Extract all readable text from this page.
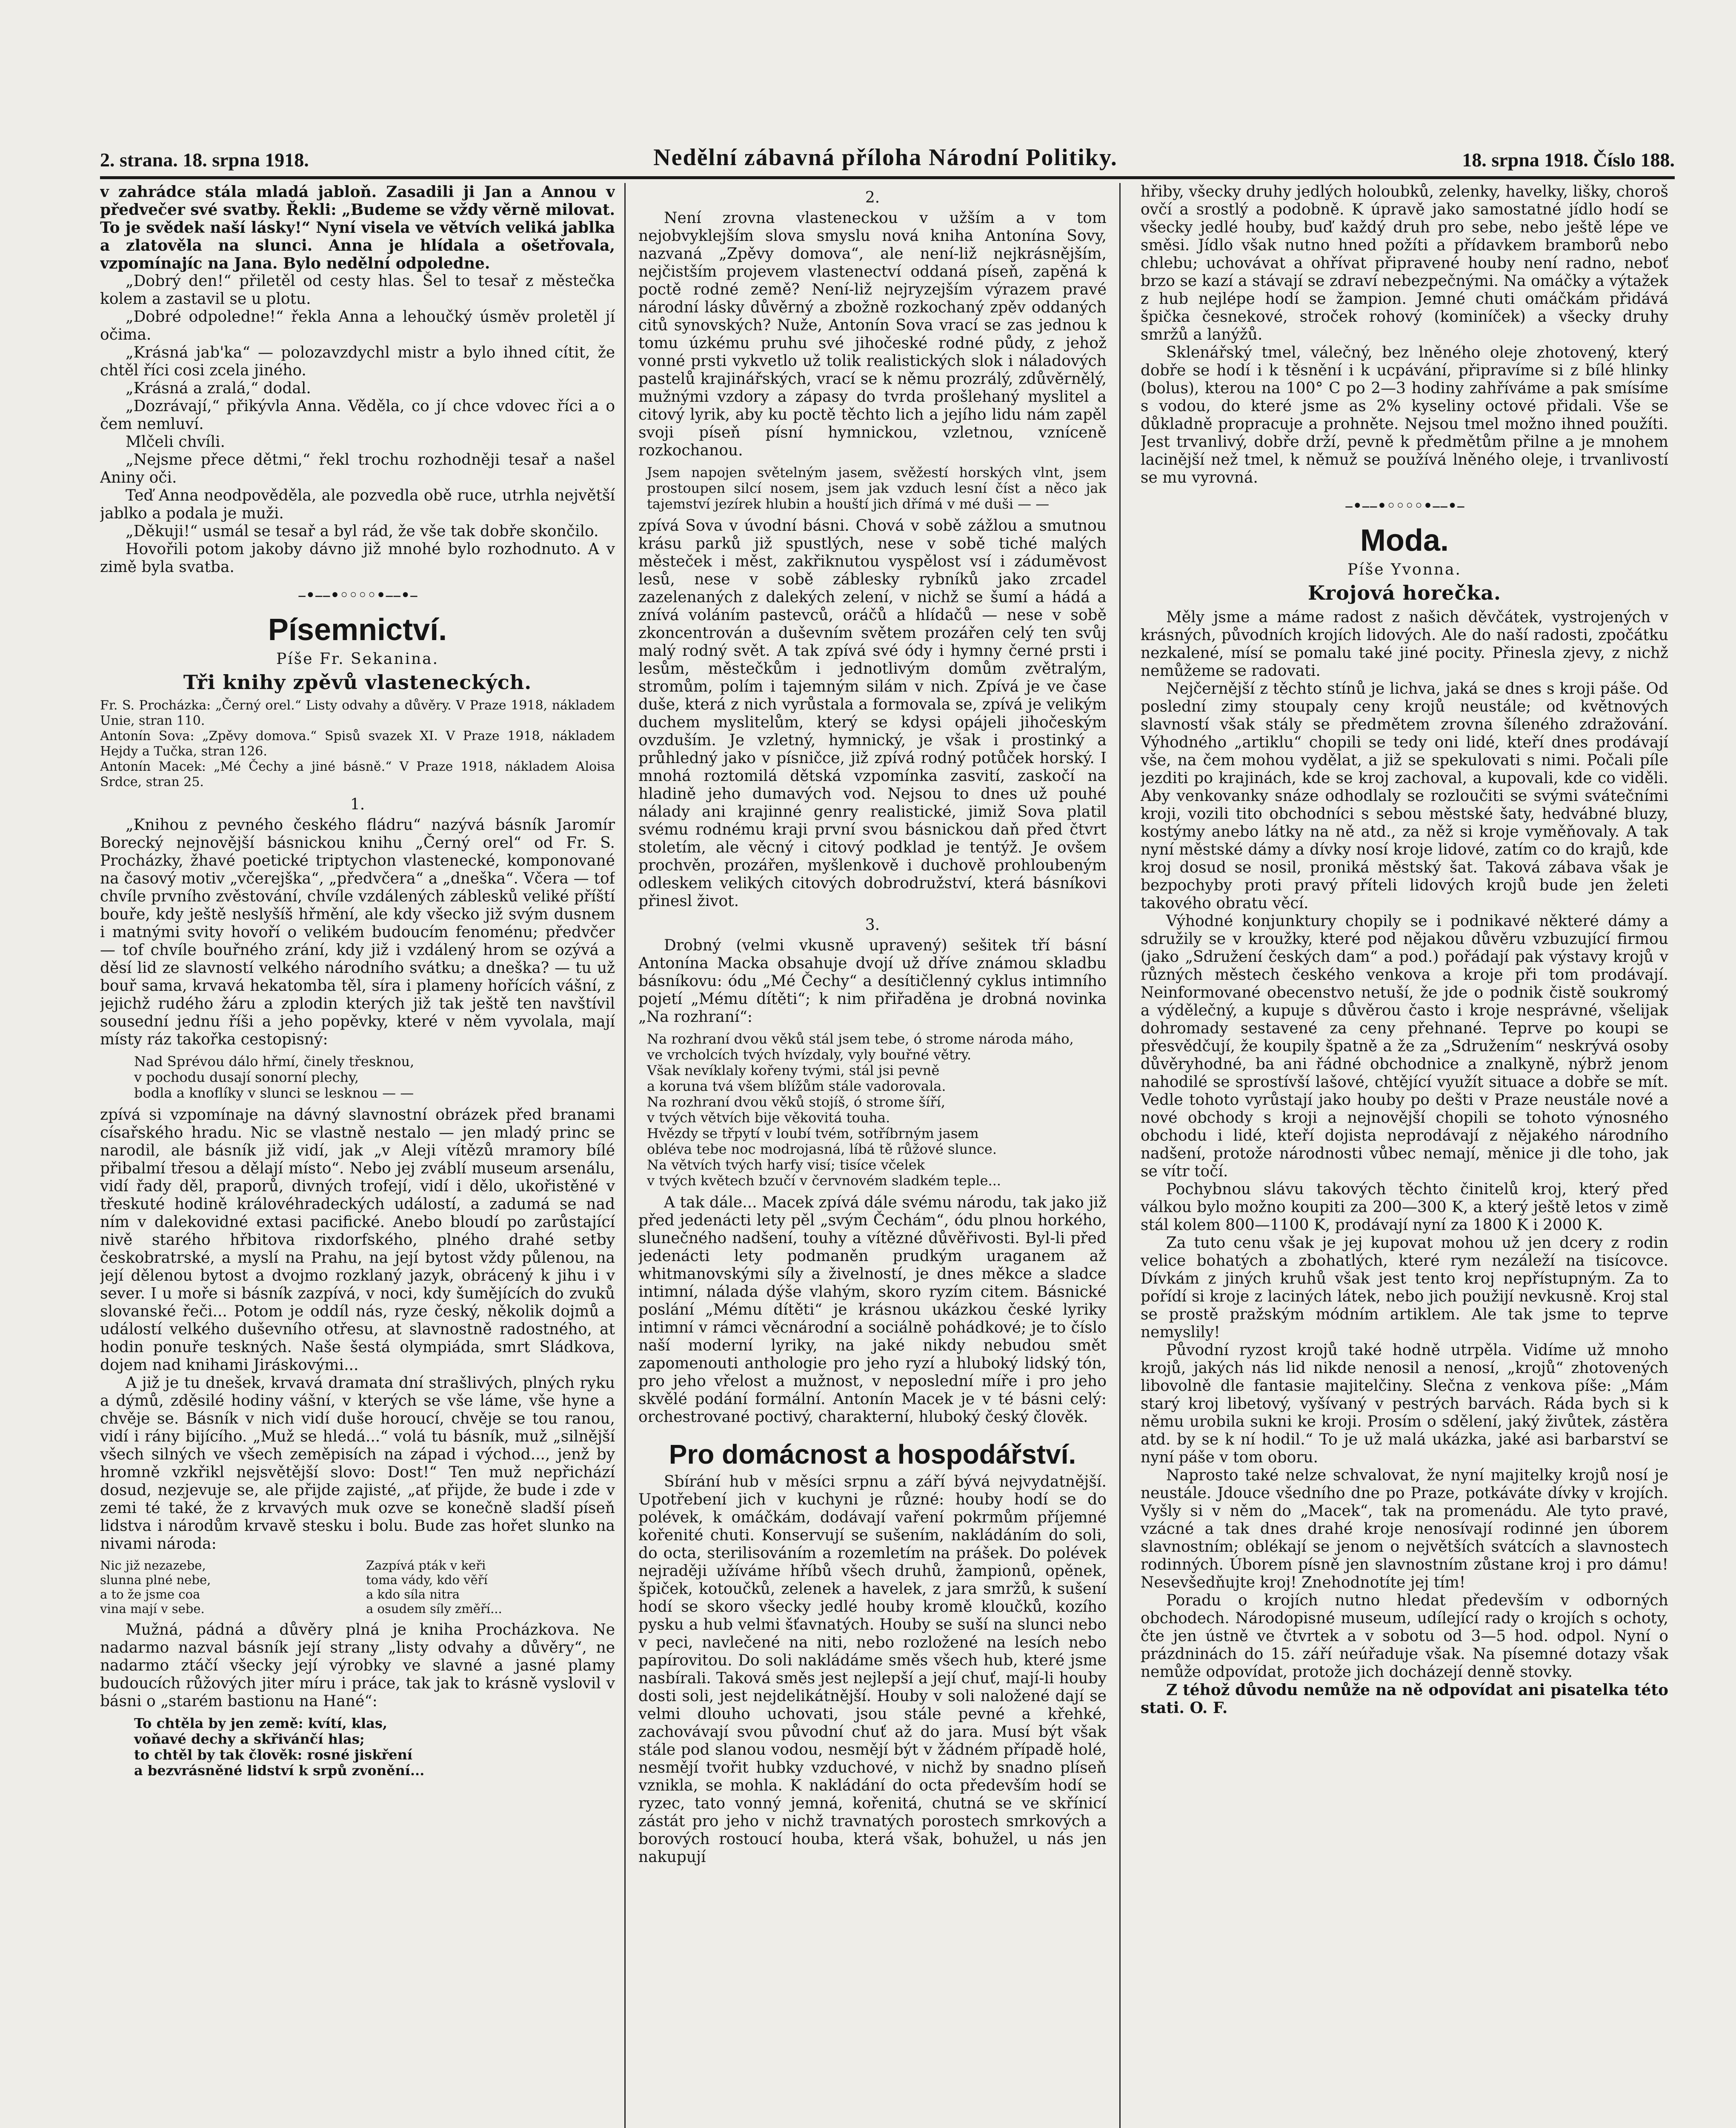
2. strana. 18. srpna 1918.	Nedělní zábavná příloha Národní Politiky.	18. srpna 1918. Číslo 188.

v zahrádce stála mladá jabloň. Zasadili ji Jan a Annou v předvečer své svatby. Řekli: „Budeme se vždy věrně milovat. To je svědek naší lásky!“ Nyní visela ve větvích veliká jablka a zlatověla na slunci. Anna je hlídala a ošetřovala, vzpomínajíc na Jana. Bylo nedělní odpoledne.

„Dobrý den!“ přiletěl od cesty hlas. Šel to tesař z městečka kolem a zastavil se u plotu.

„Dobré odpoledne!“ řekla Anna a lehoučký úsměv proletěl jí očima.

„Krásná jab'ka“ — polozavzdychl mistr a bylo ihned cítit, že chtěl říci cosi zcela jiného.

„Krásná a zralá,“ dodal.

„Dozrávají,“ přikývla Anna. Věděla, co jí chce vdovec říci a o čem nemluví.

Mlčeli chvíli.

„Nejsme přece dětmi,“ řekl trochu rozhodněji tesař a našel Aniny oči.

Teď Anna neodpověděla, ale pozvedla obě ruce, utrhla největší jablko a podala je muži.

„Děkuji!“ usmál se tesař a byl rád, že vše tak dobře skončilo.

Hovořili potom jakoby dávno již mnohé bylo rozhodnuto. A v zimě byla svatba.

–•––•◦◦◦◦•––•–
Písemnictví.
Píše Fr. Sekanina.
Tři knihy zpěvů vlasteneckých.

Fr. S. Procházka: „Černý orel.“ Listy odvahy a důvěry. V Praze 1918, nákladem Unie, stran 110.

Antonín Sova: „Zpěvy domova.“ Spisů svazek XI. V Praze 1918, nákladem Hejdy a Tučka, stran 126.

Antonín Macek: „Mé Čechy a jiné básně.“ V Praze 1918, nákladem Aloisa Srdce, stran 25.

1.

„Knihou z pevného českého fládru“ nazývá básník Jaromír Borecký nejnovější básnickou knihu „Černý orel“ od Fr. S. Procházky, žhavé poetické triptychon vlastenecké, komponované na časový motiv „včerejška“, „předvčera“ a „dneška“. Včera — tof chvíle prvního zvěstování, chvíle vzdálených záblesků veliké příští bouře, kdy ještě neslyšíš hřmění, ale kdy všecko již svým dusnem i matnými svity hovoří o velikém budoucím fenoménu; předvčer — tof chvíle bouřného zrání, kdy již i vzdálený hrom se ozývá a děsí lid ze slavností velkého národního svátku; a dneška? — tu už bouř sama, krvavá hekatomba těl, síra i plameny hořících vášní, z jejichž rudého žáru a zplodin kterých již tak ještě ten navštívil sousední jednu říši a jeho popěvky, které v něm vyvolala, mají místy ráz takořka cestopisný:

Nad Sprévou dálo hřmí, činely třesknou,
v pochodu dusají sonorní plechy,
bodla a knoflíky v slunci se lesknou — —

zpívá si vzpomínaje na dávný slavnostní obrázek před branami císařského hradu. Nic se vlastně nestalo — jen mladý princ se narodil, ale básník již vidí, jak „v Aleji vítězů mramory bílé přibalmí třesou a dělají místo“. Nebo jej zváblí museum arsenálu, vidí řady děl, praporů, divných trofejí, vidí i dělo, ukořistěné v třeskuté hodině královéhradeckých událostí, a zadumá se nad ním v dalekovidné extasi pacifické. Anebo bloudí po zarůstající nivě starého hřbitova rixdorfského, plného drahé setby českobratrské, a myslí na Prahu, na její bytost vždy půlenou, na její dělenou bytost a dvojmo rozklaný jazyk, obrácený k jihu i v sever. I u moře si básník zazpívá, v noci, kdy šumějících do zvuků slovanské řeči... Potom je oddíl nás, ryze český, několik dojmů a událostí velkého duševního otřesu, at slavnostně radostného, at hodin ponuře teskných. Naše šestá olympiáda, smrt Sládkova, dojem nad knihami Jiráskovými...

A již je tu dnešek, krvavá dramata dní strašlivých, plných ryku a dýmů, zděsilé hodiny vášní, v kterých se vše láme, vše hyne a chvěje se. Básník v nich vidí duše horoucí, chvěje se tou ranou, vidí i rány bijícího. „Muž se hledá...“ volá tu básník, muž „silnější všech silných ve všech zeměpisích na západ i východ..., jenž by hromně vzkřikl nejsvětější slovo: Dost!“ Ten muž nepřichází dosud, nezjevuje se, ale přijde zajisté, „ať přijde, že bude i zde v zemi té také, že z krvavých muk ozve se konečně sladší píseň lidstva i národům krvavě stesku i bolu. Bude zas hořet slunko na nivami národa:

Nic již nezazebe,
slunna plné nebe,
a to že jsme coa
vina mají v sebe.
Zazpívá pták v keři
toma vády, kdo věří
a kdo síla nitra
a osudem síly změří...

Mužná, pádná a důvěry plná je kniha Procházkova. Ne nadarmo nazval básník její strany „listy odvahy a důvěry“, ne nadarmo ztáčí všecky její výrobky ve slavné a jasné plamy budoucích růžových jiter míru i práce, tak jak to krásně vyslovil v básni o „starém bastionu na Hané“:

To chtěla by jen země: kvítí, klas,
voňavé dechy a skřivánčí hlas;
to chtěl by tak člověk: rosné jiskření
a bezvrásněné lidství k srpů zvonění...

2.

Není zrovna vlasteneckou v užším a v tom nejobvyklejším slova smyslu nová kniha Antonína Sovy, nazvaná „Zpěvy domova“, ale není-liž nejkrásnějším, nejčistším projevem vlastenectví oddaná píseň, zapěná k poctě rodné země? Není-liž nejryzejším výrazem pravé národní lásky důvěrný a zbožně rozkochaný zpěv oddaných citů synovských? Nuže, Antonín Sova vrací se zas jednou k tomu úzkému pruhu své jihočeské rodné půdy, z jehož vonné prsti vykvetlo už tolik realistických slok i náladových pastelů krajinářských, vrací se k němu prozrálý, zdůvěrnělý, mužnými vzdory a zápasy do tvrda prošlehaný myslitel a citový lyrik, aby ku poctě těchto lich a jejího lidu nám zapěl svoji píseň písní hymnickou, vzletnou, vzníceně rozkochanou.

Jsem napojen světelným jasem, svěžestí horských vlnt, jsem prostoupen silcí nosem, jsem jak vzduch lesní číst a něco jak tajemství jezírek hlubin a houští jich dřímá v mé duši — —

zpívá Sova v úvodní básni. Chová v sobě zážlou a smutnou krásu parků již spustlých, nese v sobě tiché malých městeček i měst, zakřiknutou vyspělost vsí i záduměvost lesů, nese v sobě záblesky rybníků jako zrcadel zazelenaných z dalekých zelení, v nichž se šumí a hádá a znívá voláním pastevců, oráčů a hlídačů — nese v sobě zkoncentrován a duševním světem prozářen celý ten svůj malý rodný svět. A tak zpívá své ódy i hymny černé prsti i lesům, městečkům i jednotlivým domům zvětralým, stromům, polím i tajemným silám v nich. Zpívá je ve čase duše, která z nich vyrůstala a formovala se, zpívá je velikým duchem myslitelům, který se kdysi opájeli jihočeským ovzduším. Je vzletný, hymnický, je však i prostinký a průhledný jako v písničce, již zpívá rodný potůček horský. I mnohá roztomilá dětská vzpomínka zasvití, zaskočí na hladině jeho dumavých vod. Nejsou to dnes už pouhé nálady ani krajinné genry realistické, jimiž Sova platil svému rodnému kraji první svou básnickou daň před čtvrt stoletím, ale věcný i citový podklad je tentýž. Je ovšem prochvěn, prozářen, myšlenkově i duchově prohloubeným odleskem velikých citových dobrodružství, která básníkovi přinesl život.

3.

Drobný (velmi vkusně upravený) sešitek tří básní Antonína Macka obsahuje dvojí už dříve známou skladbu básníkovu: ódu „Mé Čechy“ a desítičlenný cyklus intimního pojetí „Mému dítěti“; k nim přiřaděna je drobná novinka „Na rozhraní“:

Na rozhraní dvou věků stál jsem tebe, ó strome národa máho,
ve vrcholcích tvých hvízdaly, vyly bouřné větry.
Však nevíklaly kořeny tvými, stál jsi pevně
a koruna tvá všem blížům stále vadorovala.
Na rozhraní dvou věků stojíš, ó strome šíří,
v tvých větvích bije věkovitá touha.
Hvězdy se třpytí v loubí tvém, sotříbrným jasem
obléva tebe noc modrojasná, líbá tě růžové slunce.
Na větvích tvých harfy visí; tisíce včelek
v tvých květech bzučí v červnovém sladkém teple...

A tak dále... Macek zpívá dále svému národu, tak jako již před jedenácti lety pěl „svým Čechám“, ódu plnou horkého, slunečného nadšení, touhy a vítězné důvěřivosti. Byl-li před jedenácti lety podmaněn prudkým uraganem až whitmanovskými síly a živelností, je dnes měkce a sladce intimní, nálada dýše vlahým, skoro ryzím citem. Básnické poslání „Mému dítěti“ je krásnou ukázkou české lyriky intimní v rámci věcnárodní a sociálně pohádkové; je to číslo naší moderní lyriky, na jaké nikdy nebudou smět zapomenouti anthologie pro jeho ryzí a hluboký lidský tón, pro jeho vřelost a mužnost, v neposlední míře i pro jeho skvělé podání formální. Antonín Macek je v té básni celý: orchestrované poctivý, charakterní, hluboký český člověk.

Pro domácnost a hospodářství.

Sbírání hub v měsíci srpnu a září bývá nejvydatnější. Upotřebení jich v kuchyni je různé: houby hodí se do polévek, k omáčkám, dodávají vaření pokrmům příjemné kořenité chuti. Konservují se sušením, nakládáním do soli, do octa, sterilisováním a rozemletím na prášek. Do polévek nejraději užíváme hříbů všech druhů, žampionů, opěnek, špiček, kotoučků, zelenek a havelek, z jara smržů, k sušení hodí se skoro všecky jedlé houby kromě kloučků, kozího pysku a hub velmi šťavnatých. Houby se suší na slunci nebo v peci, navlečené na niti, nebo rozložené na lesích nebo papírovitou. Do soli nakládáme směs všech hub, které jsme nasbírali. Taková směs jest nejlepší a její chuť, mají-li houby dosti soli, jest nejdelikátnější. Houby v soli naložené dají se velmi dlouho uchovati, jsou stále pevné a křehké, zachovávají svou původní chuť až do jara. Musí být však stále pod slanou vodou, nesmějí být v žádném případě holé, nesmějí tvořit hubky vzduchové, v nichž by snadno plíseň vznikla, se mohla. K nakládání do octa především hodí se ryzec, tato vonný jemná, kořenitá, chutná se ve skřínicí zástát pro jeho v nichž travnatých porostech smrkových a borových rostoucí houba, která však, bohužel, u nás jen nakupují

hřiby, všecky druhy jedlých holoubků, zelenky, havelky, lišky, choroš ovčí a srostlý a podobně. K úpravě jako samostatné jídlo hodí se všecky jedlé houby, buď každý druh pro sebe, nebo ještě lépe ve směsi. Jídlo však nutno hned požíti a přídavkem bramborů nebo chlebu; uchovávat a ohřívat připravené houby není radno, neboť brzo se kazí a stávají se zdraví nebezpečnými. Na omáčky a výtažek z hub nejlépe hodí se žampion. Jemné chuti omáčkám přidává špička česnekové, stroček rohový (kominíček) a všecky druhy smržů a lanýžů.

Sklenářský tmel, válečný, bez lněného oleje zhotovený, který dobře se hodí i k těsnění i k ucpávání, připravíme si z bílé hlinky (bolus), kterou na 100° C po 2—3 hodiny zahříváme a pak smísíme s vodou, do které jsme as 2% kyseliny octové přidali. Vše se důkladně propracuje a prohněte. Nejsou tmel možno ihned použíti. Jest trvanlivý, dobře drží, pevně k předmětům přilne a je mnohem lacinější než tmel, k němuž se používá lněného oleje, i trvanlivostí se mu vyrovná.

–•––•◦◦◦◦•––•–
Moda.
Píše Yvonna.
Krojová horečka.

Měly jsme a máme radost z našich děvčátek, vystrojených v krásných, původních krojích lidových. Ale do naší radosti, zpočátku nezkalené, mísí se pomalu také jiné pocity. Přinesla zjevy, z nichž nemůžeme se radovati.

Nejčernější z těchto stínů je lichva, jaká se dnes s kroji páše. Od poslední zimy stoupaly ceny krojů neustále; od květnových slavností však stály se předmětem zrovna šíleného zdražování. Výhodného „artiklu“ chopili se tedy oni lidé, kteří dnes prodávají vše, na čem mohou vydělat, a již se spekulovati s nimi. Počali píle jezditi po krajinách, kde se kroj zachoval, a kupovali, kde co viděli. Aby venkovanky snáze odhodlaly se rozloučiti se svými svátečními kroji, vozili tito obchodníci s sebou městské šaty, hedvábné bluzy, kostýmy anebo látky na ně atd., za něž si kroje vyměňovaly. A tak nyní městské dámy a dívky nosí kroje lidové, zatím co do krajů, kde kroj dosud se nosil, proniká městský šat. Taková zábava však je bezpochyby proti pravý příteli lidových krojů bude jen želeti takového obratu věcí.

Výhodné konjunktury chopily se i podnikavé některé dámy a sdružily se v kroužky, které pod nějakou důvěru vzbuzující firmou (jako „Sdružení českých dam“ a pod.) pořádají pak výstavy krojů v různých městech českého venkova a kroje při tom prodávají. Neinformované obecenstvo netuší, že jde o podnik čistě soukromý a výdělečný, a kupuje s důvěrou často i kroje nesprávné, všelijak dohromady sestavené za ceny přehnané. Teprve po koupi se přesvědčují, že koupily špatně a že za „Sdružením“ neskrývá osoby důvěryhodné, ba ani řádné obchodnice a znalkyně, nýbrž jenom nahodilé se sprostívší lašové, chtějící využít situace a dobře se mít. Vedle tohoto vyrůstají jako houby po dešti v Praze neustále nové a nové obchody s kroji a nejnovější chopili se tohoto výnosného obchodu i lidé, kteří dojista neprodávají z nějakého národního nadšení, protože národnosti vůbec nemají, měnice ji dle toho, jak se vítr točí.

Pochybnou slávu takových těchto činitelů kroj, který před válkou bylo možno koupiti za 200—300 K, a který ještě letos v zimě stál kolem 800—1100 K, prodávají nyní za 1800 K i 2000 K.

Za tuto cenu však je jej kupovat mohou už jen dcery z rodin velice bohatých a zbohatlých, které rym nezáleží na tisícovce. Dívkám z jiných kruhů však jest tento kroj nepřístupným. Za to pořídí si kroje z laciných látek, nebo jich použijí nevkusně. Kroj stal se prostě pražským módním artiklem. Ale tak jsme to teprve nemyslily!

Původní ryzost krojů také hodně utrpěla. Vidíme už mnoho krojů, jakých nás lid nikde nenosil a nenosí, „krojů“ zhotovených libovolně dle fantasie majitelčiny. Slečna z venkova píše: „Mám starý kroj libetový, vyšívaný v pestrých barvách. Ráda bych si k němu urobila sukni ke kroji. Prosím o sdělení, jaký živůtek, zástěra atd. by se k ní hodil.“ To je už malá ukázka, jaké asi barbarství se nyní páše v tom oboru.

Naprosto také nelze schvalovat, že nyní majitelky krojů nosí je neustále. Jdouce všedního dne po Praze, potkáváte dívky v krojích. Vyšly si v něm do „Macek“, tak na promenádu. Ale tyto pravé, vzácné a tak dnes drahé kroje nenosívají rodinné jen úborem slavnostním; oblékají se jenom o největších svátcích a slavnostech rodinných. Úborem písně jen slavnostním zůstane kroj i pro dámu! Nesevšedňujte kroj! Znehodnotíte jej tím!

Poradu o krojích nutno hledat především v odborných obchodech. Národopisné museum, udílející rady o krojích s ochoty, čte jen ústně ve čtvrtek a v sobotu od 3—5 hod. odpol. Nyní o prázdninách do 15. září neúřaduje však. Na písemné dotazy však nemůže odpovídat, protože jich docházejí denně stovky.

Z téhož důvodu nemůže na ně odpovídat ani pisatelka této stati. O. F.
